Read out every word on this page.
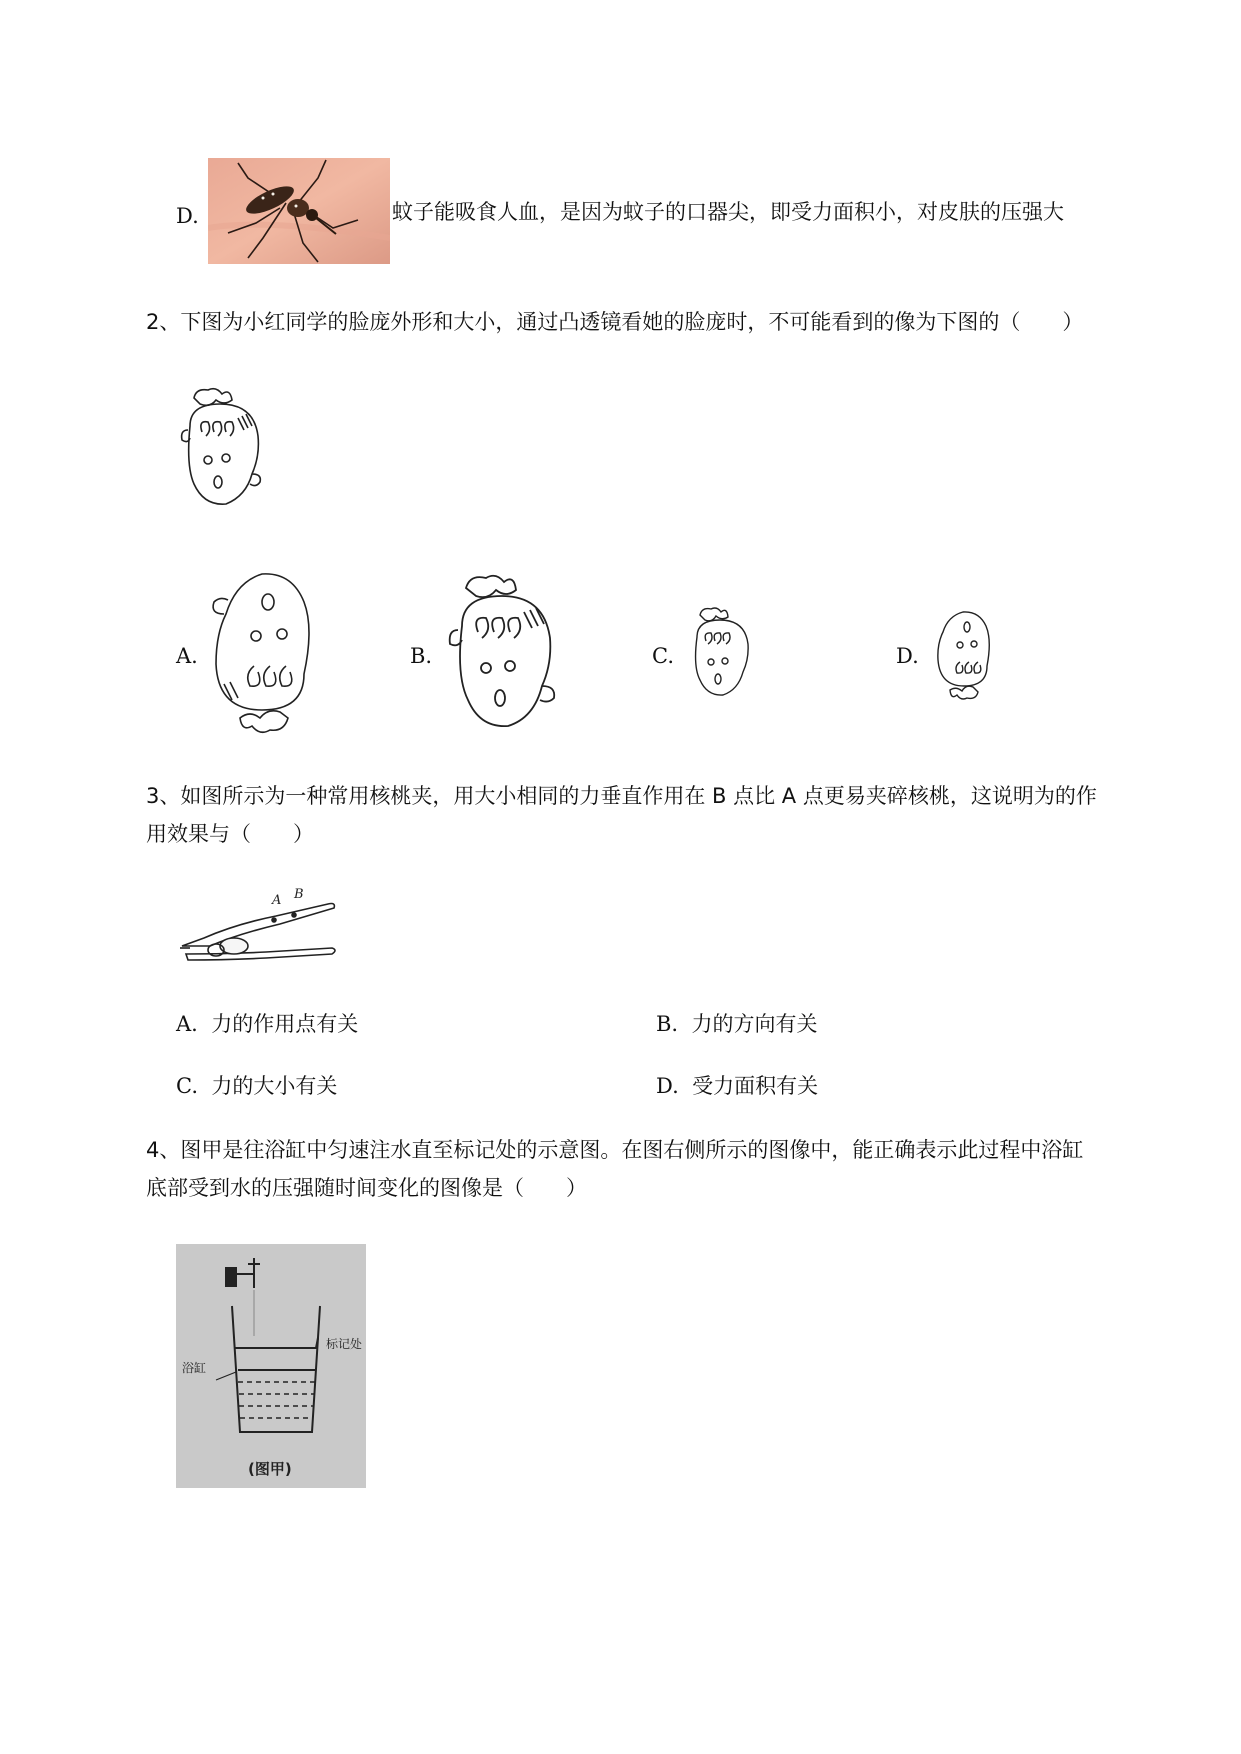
D.	蚊子能吸食人血，是因为蚊子的口器尖，即受力面积小，对皮肤的压强大
2、下图为小红同学的脸庞外形和大小，通过凸透镜看她的脸庞时，不可能看到的像为下图的（　　）
A.	B.	C.	D.
3、如图所示为一种常用核桃夹，用大小相同的力垂直作用在 B 点比 A 点更易夹碎核桃，这说明为的作
用效果与（　　）
A B
A. 力的作用点有关	B. 力的方向有关
C. 力的大小有关	D. 受力面积有关
4、图甲是往浴缸中匀速注水直至标记处的示意图。在图右侧所示的图像中，能正确表示此过程中浴缸
底部受到水的压强随时间变化的图像是（　　）
标记处
浴缸
(图甲)
